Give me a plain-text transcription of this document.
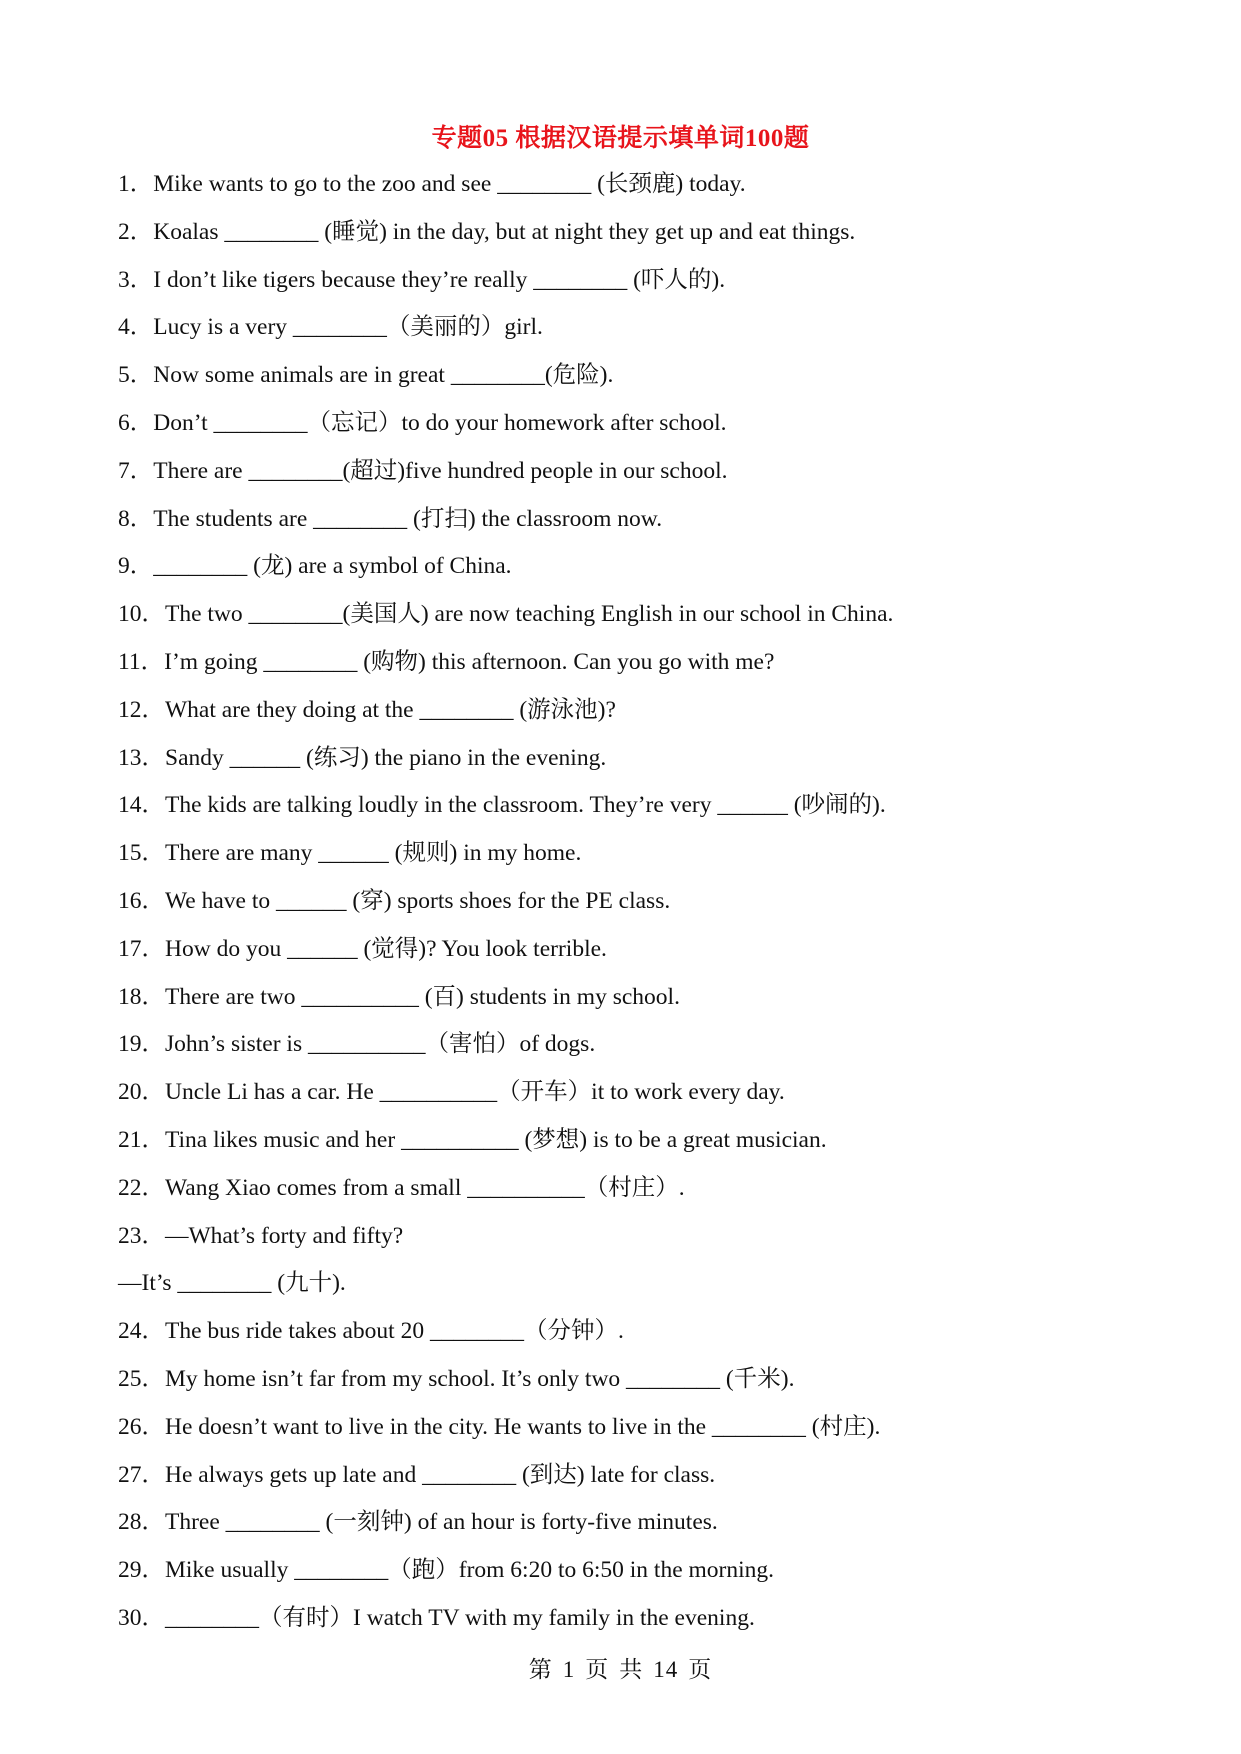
专题05 根据汉语提示填单词100题
1．Mike wants to go to the zoo and see ________ (长颈鹿) today.
2．Koalas ________ (睡觉) in the day, but at night they get up and eat things.
3．I don’t like tigers because they’re really ________ (吓人的).
4．Lucy is a very ________（美丽的）girl.
5．Now some animals are in great ________(危险).
6．Don’t ________（忘记）to do your homework after school.
7．There are ________(超过)five hundred people in our school.
8．The students are ________ (打扫) the classroom now.
9．________ (龙) are a symbol of China.
10．The two ________(美国人) are now teaching English in our school in China.
11．I’m going ________ (购物) this afternoon. Can you go with me?
12．What are they doing at the ________ (游泳池)?
13．Sandy ______ (练习) the piano in the evening.
14．The kids are talking loudly in the classroom. They’re very ______ (吵闹的).
15．There are many ______ (规则) in my home.
16．We have to ______ (穿) sports shoes for the PE class.
17．How do you ______ (觉得)? You look terrible.
18．There are two __________ (百) students in my school.
19．John’s sister is __________（害怕）of dogs.
20．Uncle Li has a car. He __________（开车）it to work every day.
21．Tina likes music and her __________ (梦想) is to be a great musician.
22．Wang Xiao comes from a small __________（村庄）.
23．—What’s forty and fifty?
—It’s ________ (九十).
24．The bus ride takes about 20 ________（分钟）.
25．My home isn’t far from my school. It’s only two ________ (千米).
26．He doesn’t want to live in the city. He wants to live in the ________ (村庄).
27．He always gets up late and ________ (到达) late for class.
28．Three ________ (一刻钟) of an hour is forty-five minutes.
29．Mike usually ________（跑）from 6:20 to 6:50 in the morning.
30．________（有时）I watch TV with my family in the evening.
第 1 页 共 14 页
